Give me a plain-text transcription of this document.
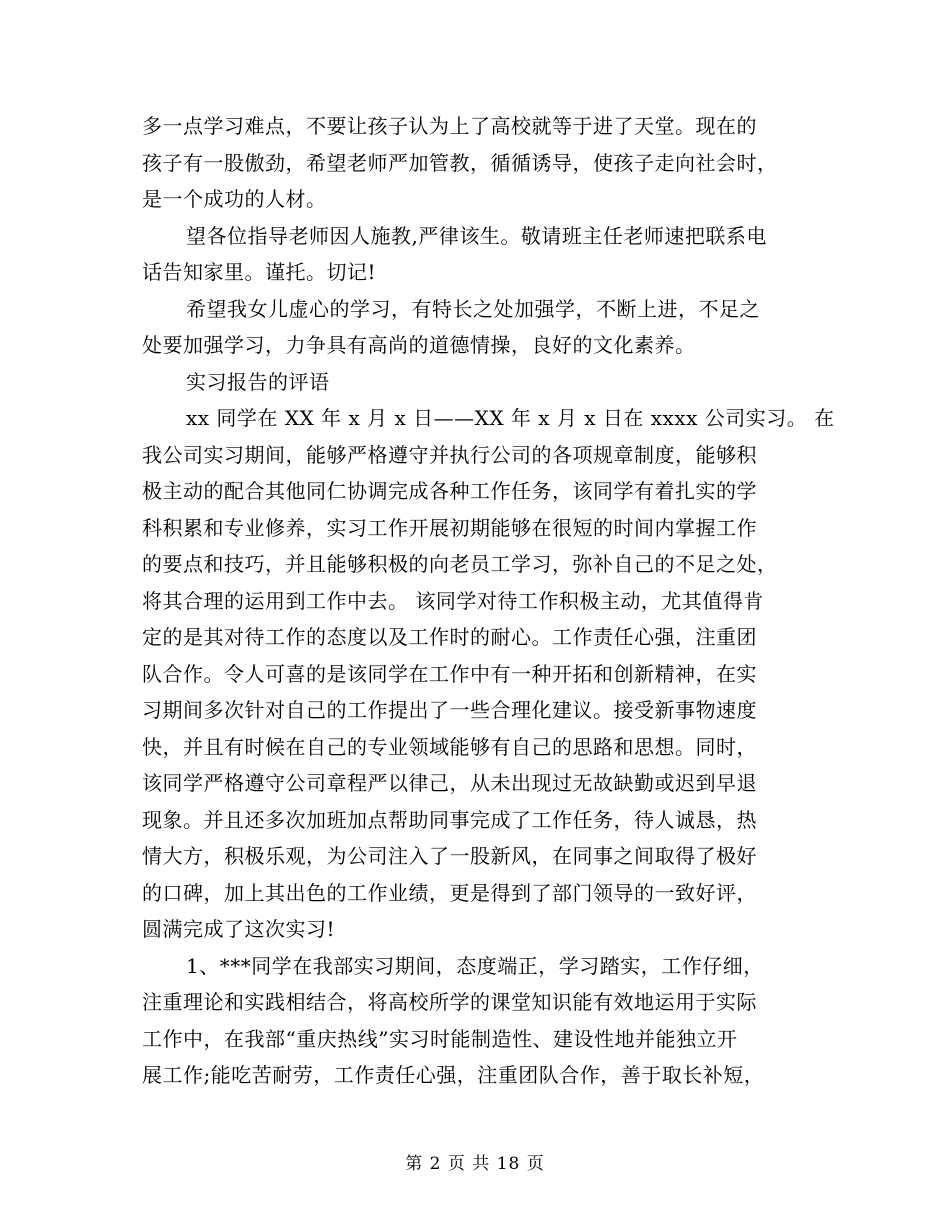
多一点学习难点，不要让孩子认为上了高校就等于进了天堂。现在的
孩子有一股傲劲，希望老师严加管教，循循诱导，使孩子走向社会时，
是一个成功的人材。
望各位指导老师因人施教,严律该生。敬请班主任老师速把联系电
话告知家里。谨托。切记!
希望我女儿虚心的学习，有特长之处加强学，不断上进，不足之
处要加强学习，力争具有高尚的道德情操，良好的文化素养。
实习报告的评语
xx 同学在 XX 年 x 月 x 日——XX 年 x 月 x 日在 xxxx 公司实习。 在
我公司实习期间，能够严格遵守并执行公司的各项规章制度，能够积
极主动的配合其他同仁协调完成各种工作任务，该同学有着扎实的学
科积累和专业修养，实习工作开展初期能够在很短的时间内掌握工作
的要点和技巧，并且能够积极的向老员工学习，弥补自己的不足之处，
将其合理的运用到工作中去。 该同学对待工作积极主动，尤其值得肯
定的是其对待工作的态度以及工作时的耐心。工作责任心强，注重团
队合作。令人可喜的是该同学在工作中有一种开拓和创新精神，在实
习期间多次针对自己的工作提出了一些合理化建议。接受新事物速度
快，并且有时候在自己的专业领域能够有自己的思路和思想。同时，
该同学严格遵守公司章程严以律己，从未出现过无故缺勤或迟到早退
现象。并且还多次加班加点帮助同事完成了工作任务，待人诚恳，热
情大方，积极乐观，为公司注入了一股新风，在同事之间取得了极好
的口碑，加上其出色的工作业绩，更是得到了部门领导的一致好评，
圆满完成了这次实习!
1、***同学在我部实习期间，态度端正，学习踏实，工作仔细，
注重理论和实践相结合，将高校所学的课堂知识能有效地运用于实际
工作中，在我部“重庆热线”实习时能制造性、建设性地并能独立开
展工作;能吃苦耐劳，工作责任心强，注重团队合作，善于取长补短，
第 2 页 共 18 页
